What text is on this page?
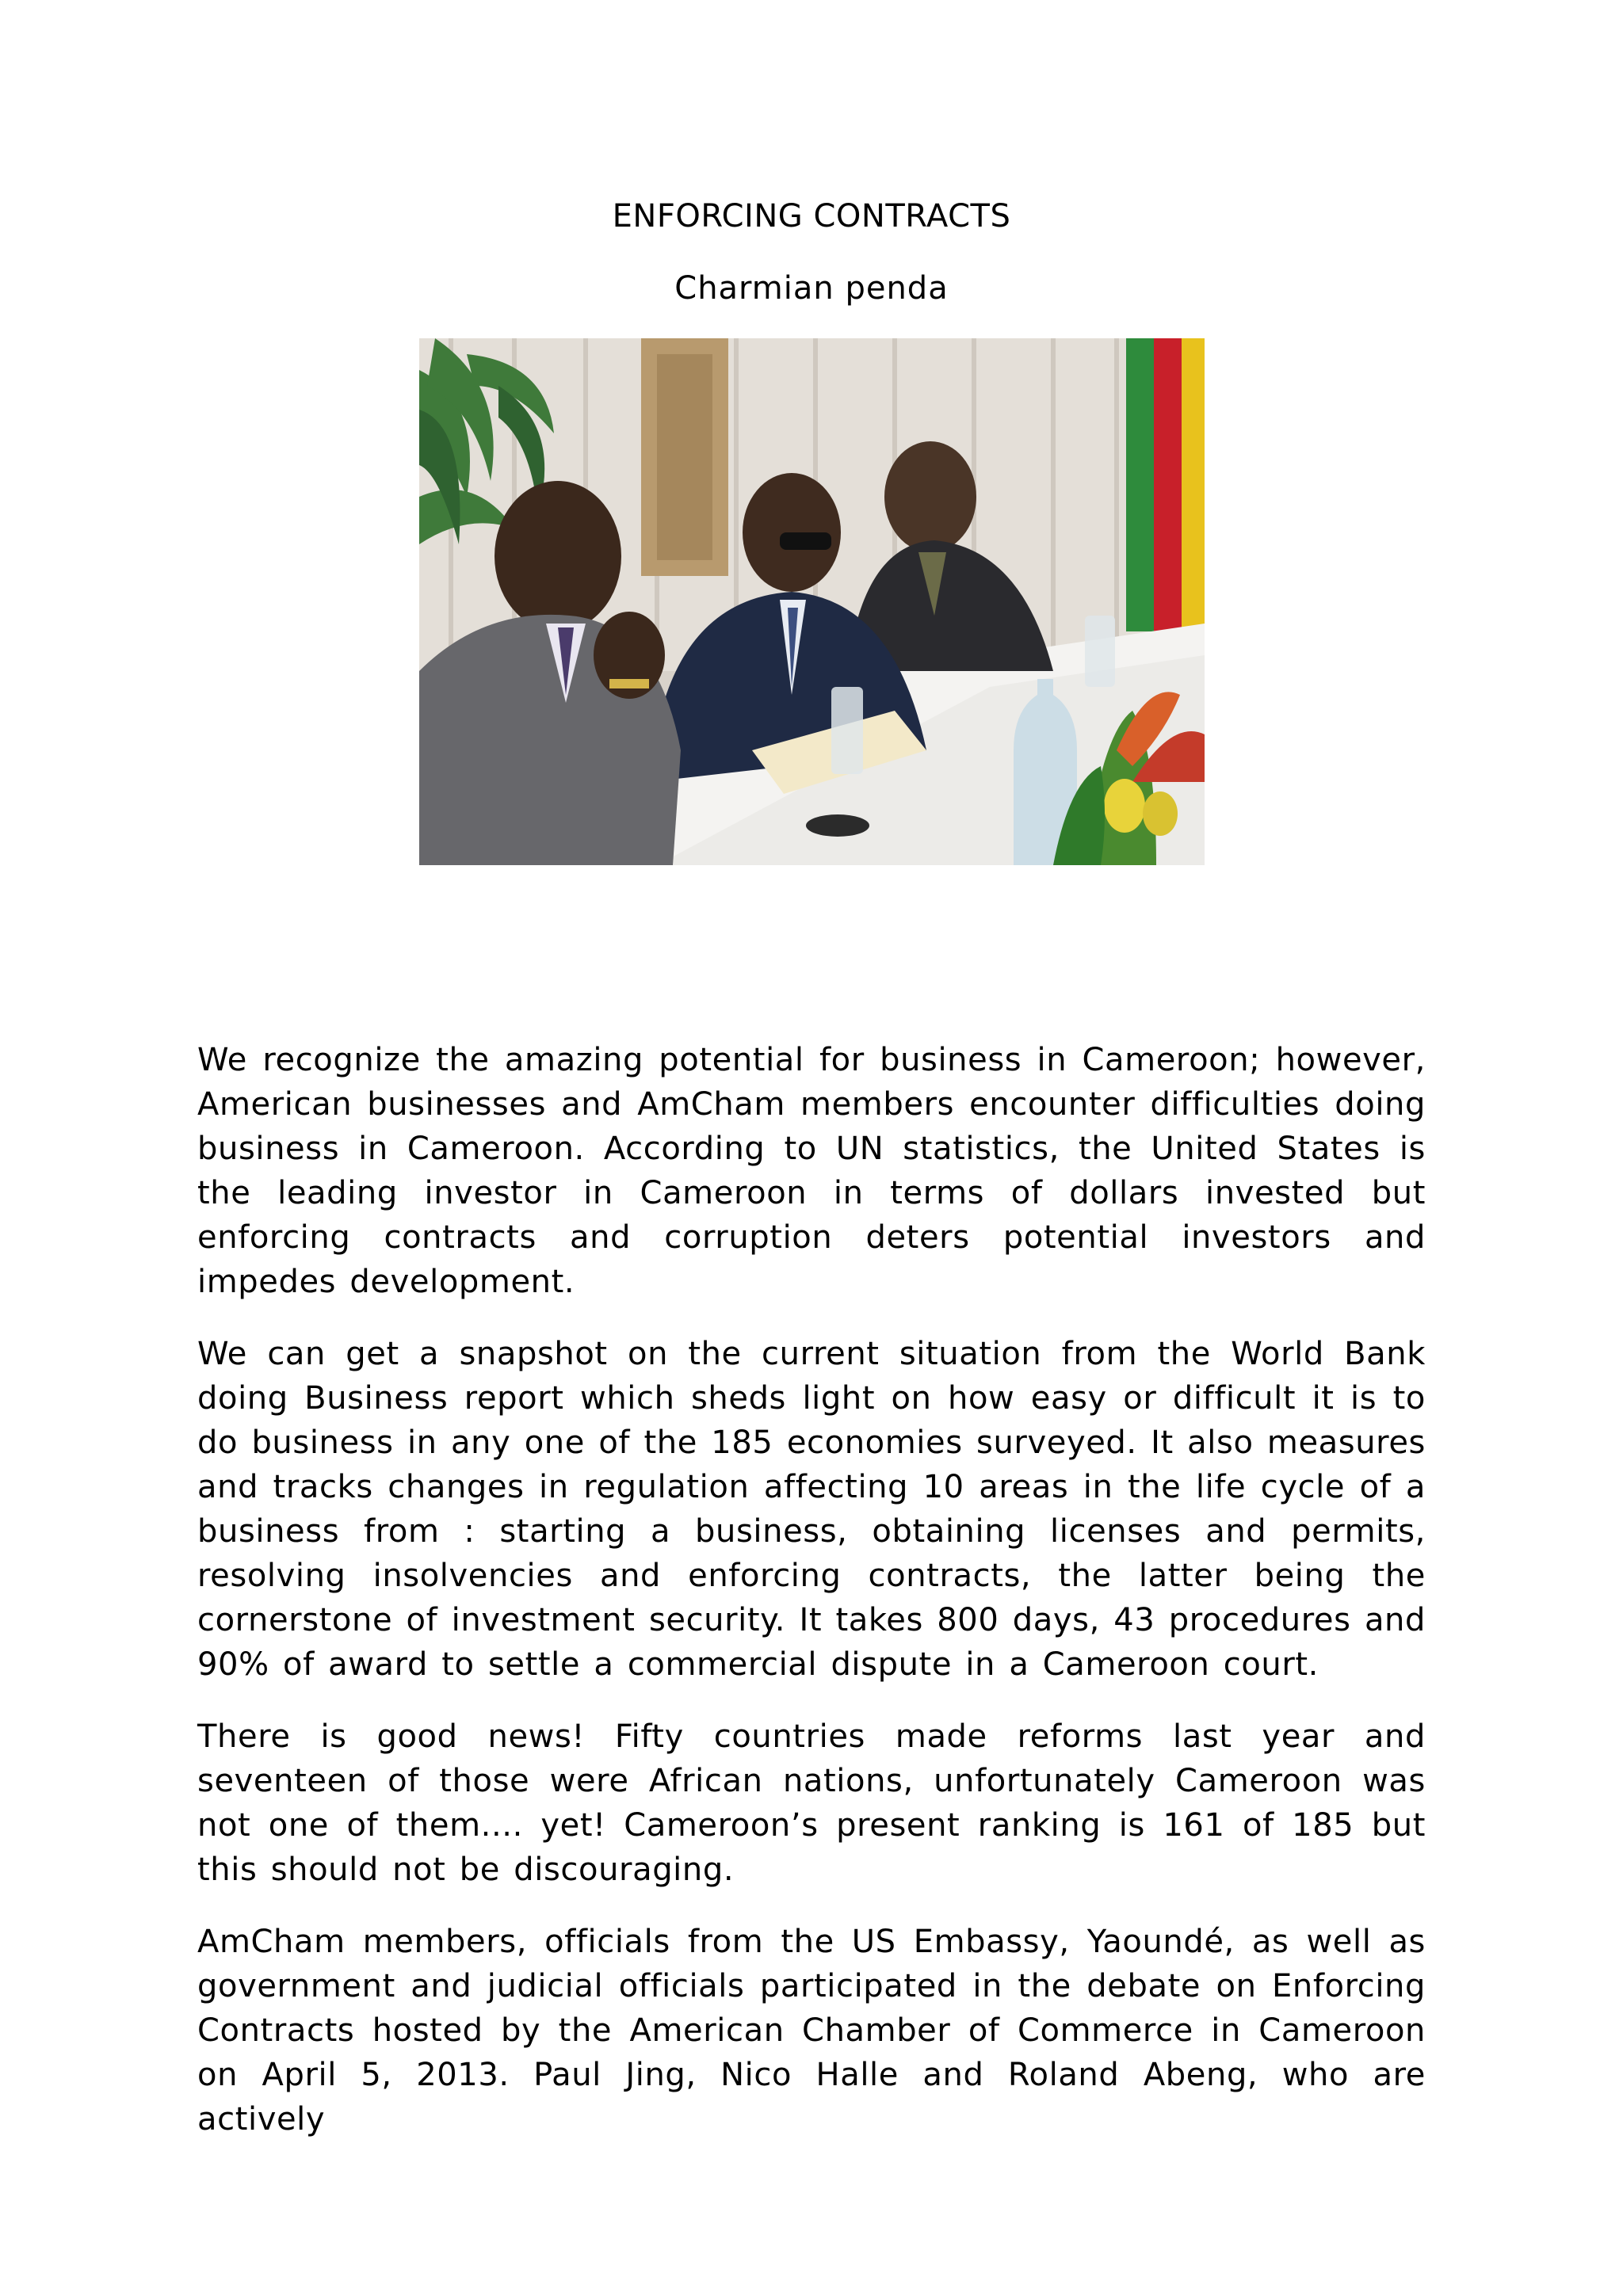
ENFORCING CONTRACTS
Charmian penda

We recognize the amazing potential for business in Cameroon; however, American businesses and AmCham members encounter difficulties doing business in Cameroon. According to UN statistics, the United States is the leading investor in Cameroon in terms of dollars invested but enforcing contracts and corruption deters potential investors and impedes development.

We can get a snapshot on the current situation from the World Bank doing Business report which sheds light on how easy or difficult it is to do business in any one of the 185 economies surveyed. It also measures and tracks changes in regulation affecting 10 areas in the life cycle of a business from : starting a business, obtaining licenses and permits, resolving insolvencies and enforcing contracts, the latter being the cornerstone of investment security. It takes 800 days, 43 procedures and 90% of award to settle a commercial dispute in a Cameroon court.

There is good news! Fifty countries made reforms last year and seventeen of those were African nations, unfortunately Cameroon was not one of them.... yet! Cameroon’s present ranking is 161 of 185 but this should not be discouraging.

AmCham members, officials from the US Embassy, Yaoundé, as well as government and judicial officials participated in the debate on Enforcing Contracts hosted by the American Chamber of Commerce in Cameroon on April 5, 2013. Paul Jing, Nico Halle and Roland Abeng, who are actively
